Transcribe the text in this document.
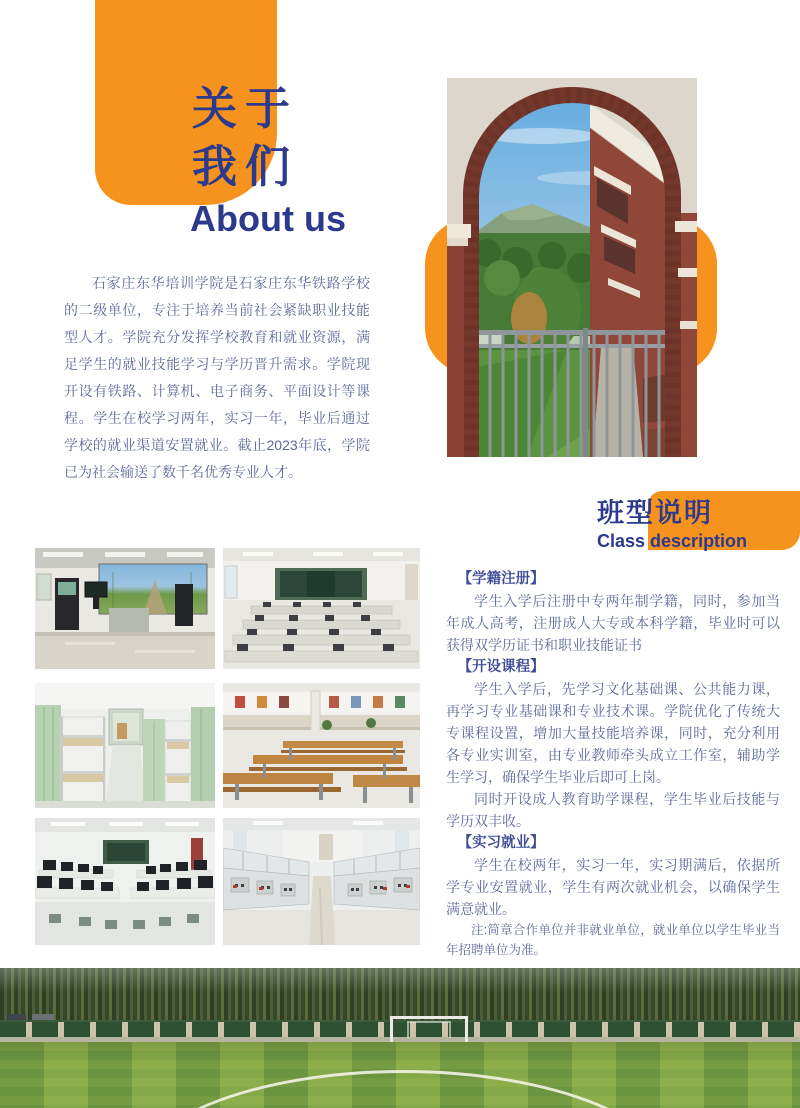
关于
我们
About us

石家庄东华培训学院是石家庄东华铁路学校的二级单位，专注于培养当前社会紧缺职业技能型人才。学院充分发挥学校教育和就业资源，满足学生的就业技能学习与学历晋升需求。学院现开设有铁路、计算机、电子商务、平面设计等课程。学生在校学习两年，实习一年，毕业后通过学校的就业渠道安置就业。截止2023年底，学院已为社会输送了数千名优秀专业人才。

班型说明
Class description
【学籍注册】

学生入学后注册中专两年制学籍，同时，参加当年成人高考，注册成人大专或本科学籍，毕业时可以获得双学历证书和职业技能证书

【开设课程】

学生入学后，先学习文化基础课、公共能力课，再学习专业基础课和专业技术课。学院优化了传统大专课程设置，增加大量技能培养课，同时，充分利用各专业实训室，由专业教师牵头成立工作室，辅助学生学习，确保学生毕业后即可上岗。

同时开设成人教育助学课程，学生毕业后技能与学历双丰收。

【实习就业】

学生在校两年，实习一年，实习期满后，依据所学专业安置就业，学生有两次就业机会，以确保学生满意就业。

注:简章合作单位并非就业单位，就业单位以学生毕业当年招聘单位为准。
